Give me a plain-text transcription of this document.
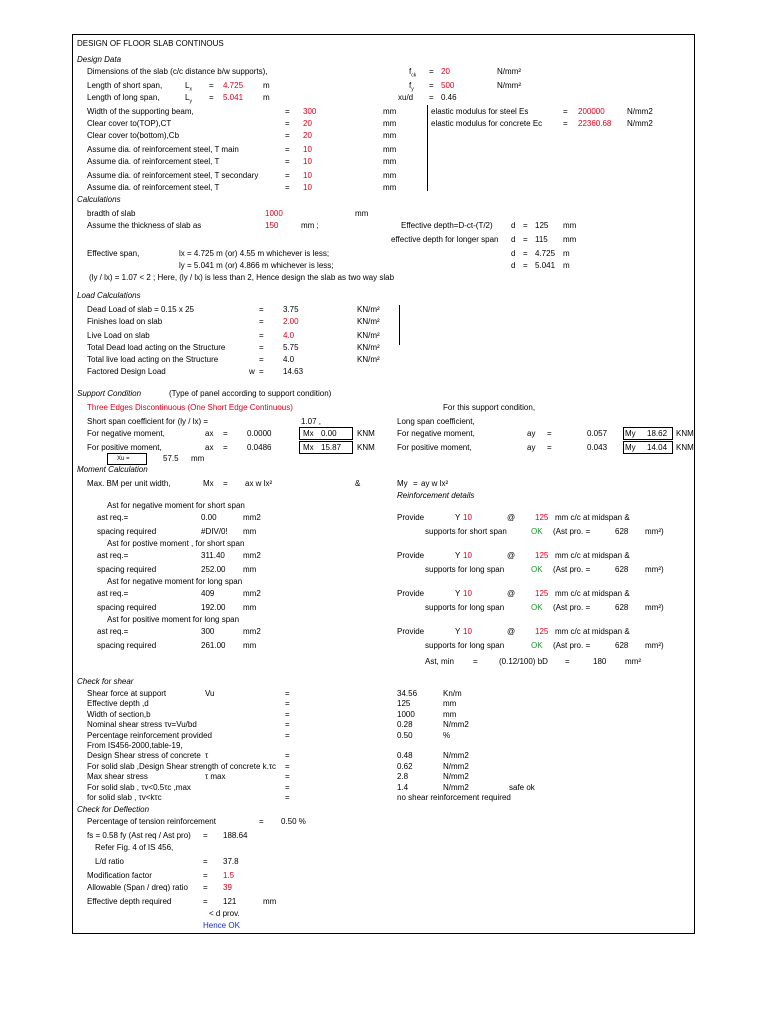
DESIGN OF FLOOR SLAB CONTINOUS
Design Data
Dimensions of the slab (c/c distance b/w supports),	$f_{ck} = 20$	N/mm²
Length of short span,	$L_x = 4.725$ m	$f_y = 500$	N/mm²
Length of long span,	$L_y = 5.041$ m	xu/d = 0.46
Width of the supporting beam,	= 300	mm	elastic modulus for steel Es	= 200000	N/mm2
Clear cover to(TOP),CT	= 20	mm	elastic modulus for concrete Ec	= 22360.68 N/mm2
Clear cover to(bottom),Cb	= 20	mm
Assume dia. of reinforcement steel, T main	= 10	mm
Assume dia. of reinforcement steel, T	= 10	mm
Assume dia. of reinforcement steel, T secondary	= 10	mm
Assume dia. of reinforcement steel, T	= 10	mm
Calculations
bradth of slab	1000	mm
Assume the thickness of slab as	150	mm ;	Effective depth=D-ct-(T/2) d = 125 mm
effective depth for longer span d = 115 mm
Effective span,	lx = 4.725 m (or) 4.55 m whichever is less;	d = 4.725 m
ly = 5.041 m (or) 4.866 m whichever is less;	d = 5.041 m
(ly / lx) = 1.07 < 2 ; Here, (ly / lx) is less than 2, Hence design the slab as two way slab
Load Calculations
Dead Load of slab = 0.15 x 25	= 3.75	KN/m²
Finishes load on slab	= 2.00	KN/m²
Live Load on slab	= 4.0	KN/m²
Total Dead load acting on the Structure	= 5.75	KN/m²
Total live load acting on the Structure	= 4.0	KN/m²
Factored Design Load	w = 14.63
Support Condition	(Type of panel according to support condition)
For this support condition,
Three Edges Discontinuous (One Short Edge Continuous)
Short span coefficient for (ly / lx) =	1.07 ,	Long span coefficient,
For negative moment,	ax = 0.0000	Mx 0.00	KNM	For negative moment,	ay =	0.057 My 18.62 KNM
For positive moment,	ax = 0.0486	Mx 15.87 KNM	For positive moment,	ay =	0.043 My 14.04 KNM
Xu =	57.5 mm
Moment Calculation
Max. BM per unit width,	Mx = ax w lx²	&	My = ay w lx²
Reinforcement details
Ast for negative moment for short span
ast req.=	0.00	mm2
spacing required	#DIV/0! mm
Provide	Y 10	@ 125 mm c/c at midspan &
supports for short span	OK (Ast pro. =	628 mm²)
Ast for postive moment , for short span
ast req.=	311.40 mm2
spacing required	252.00 mm
Provide	Y 10	@ 125 mm c/c at midspan &
supports for long span	OK (Ast pro. =	628 mm²)
Ast for negative moment for long span
ast req.=	409	mm2
spacing required	192.00 mm
Provide	Y 10	@ 125 mm c/c at midspan &
supports for long span	OK (Ast pro. =	628 mm²)
Ast for positive moment for long span
ast req.=	300	mm2
spacing required	261.00 mm
Provide	Y 10	@ 125 mm c/c at midspan &
supports for long span	OK (Ast pro. =	628 mm²)
Ast, min =	(0.12/100) bD =	180 mm²
Check for shear
Shear force at support	Vu	=	34.56	Kn/m
Effective depth ,d	=	125	mm
Width of section,b	=	1000	mm
Nominal shear stress τv=Vu/bd	=	0.28	N/mm2
Percentage reinforcement provided	=	0.50	%
From IS456-2000,table-19,
Design Shear stress of concrete τ	=	0.48	N/mm2
For solid slab ,Design Shear strength of concrete k.τc =	0.62	N/mm2
Max shear stress	τ max	=	2.8	N/mm2
For solid slab , τv<0.5τc ,max	=	1.4	N/mm2	safe ok
for solid slab , τv<kτc	=	no shear reinforcement required
Check for Deflection
Percentage of tension reinforcement	= 0.50 %
fs = 0.58 fy (Ast req / Ast pro) = 188.64
Refer Fig. 4 of IS 456,
L/d ratio	= 37.8
Modification factor	= 1.5
Allowable (Span / dreq) ratio = 39
Effective depth required	= 121	mm
< d prov.
Hence OK
